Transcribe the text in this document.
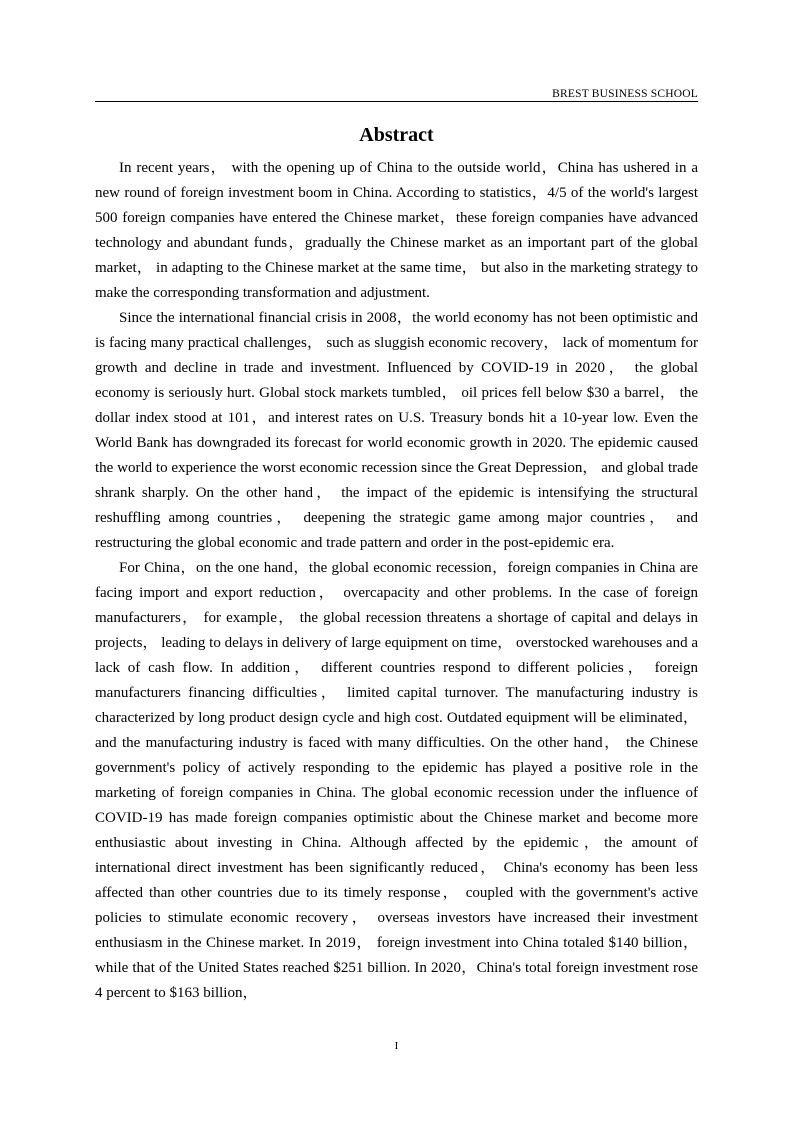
BREST BUSINESS SCHOOL
Abstract

In recent years， with the opening up of China to the outside world，China has ushered in a new round of foreign investment boom in China. According to statistics，4/5 of the world's largest 500 foreign companies have entered the Chinese market，these foreign companies have advanced technology and abundant funds，gradually the Chinese market as an important part of the global market， in adapting to the Chinese market at the same time， but also in the marketing strategy to make the corresponding transformation and adjustment.

Since the international financial crisis in 2008，the world economy has not been optimistic and is facing many practical challenges， such as sluggish economic recovery， lack of momentum for growth and decline in trade and investment. Influenced by COVID-19 in 2020， the global economy is seriously hurt. Global stock markets tumbled， oil prices fell below $30 a barrel， the dollar index stood at 101，and interest rates on U.S. Treasury bonds hit a 10-year low. Even the World Bank has downgraded its forecast for world economic growth in 2020. The epidemic caused the world to experience the worst economic recession since the Great Depression， and global trade shrank sharply. On the other hand， the impact of the epidemic is intensifying the structural reshuffling among countries， deepening the strategic game among major countries， and restructuring the global economic and trade pattern and order in the post-epidemic era.

For China，on the one hand，the global economic recession，foreign companies in China are facing import and export reduction， overcapacity and other problems. In the case of foreign manufacturers， for example， the global recession threatens a shortage of capital and delays in projects， leading to delays in delivery of large equipment on time， overstocked warehouses and a lack of cash flow. In addition， different countries respond to different policies， foreign manufacturers financing difficulties， limited capital turnover. The manufacturing industry is characterized by long product design cycle and high cost. Outdated equipment will be eliminated， and the manufacturing industry is faced with many difficulties. On the other hand， the Chinese government's policy of actively responding to the epidemic has played a positive role in the marketing of foreign companies in China. The global economic recession under the influence of COVID-19 has made foreign companies optimistic about the Chinese market and become more enthusiastic about investing in China. Although affected by the epidemic，the amount of international direct investment has been significantly reduced， China's economy has been less affected than other countries due to its timely response， coupled with the government's active policies to stimulate economic recovery， overseas investors have increased their investment enthusiasm in the Chinese market. In 2019， foreign investment into China totaled $140 billion， while that of the United States reached $251 billion. In 2020，China's total foreign investment rose 4 percent to $163 billion，

I
